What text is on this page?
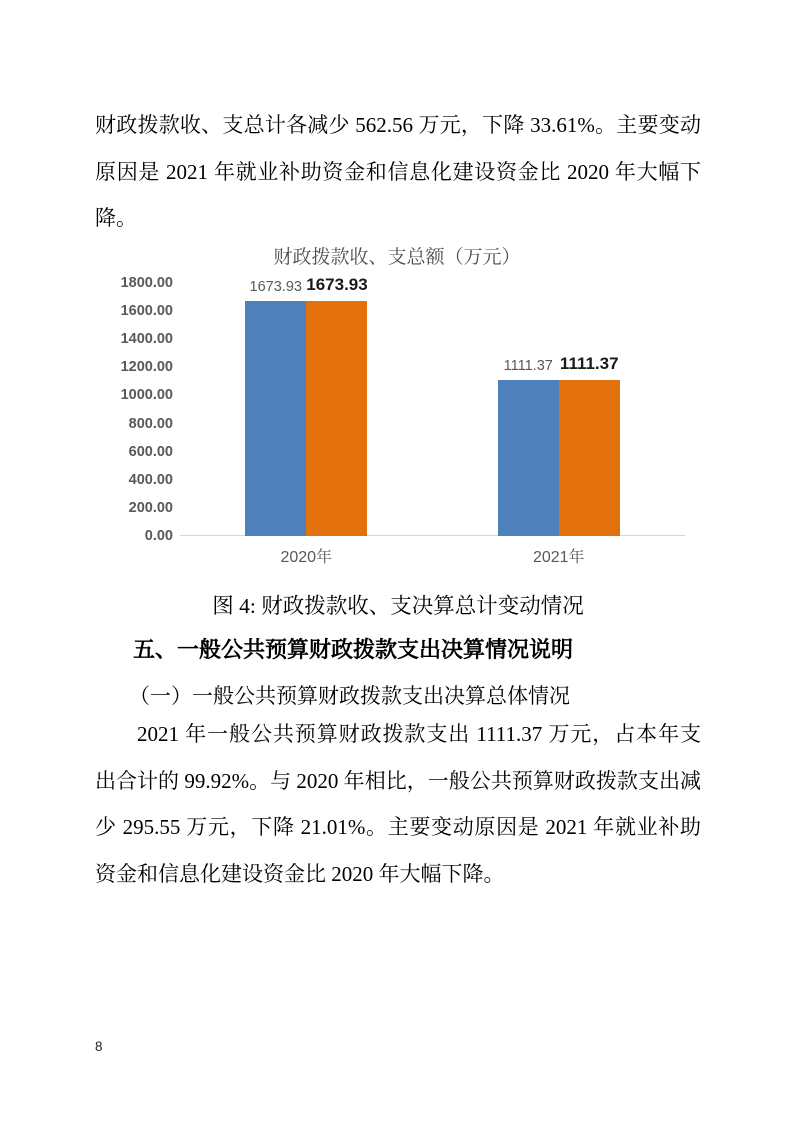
财政拨款收、支总计各减少 562.56 万元，下降 33.61%。主要变动
原因是 2021 年就业补助资金和信息化建设资金比 2020 年大幅下
降。
财政拨款收、支总额（万元）
0.00
200.00
400.00
600.00
800.00
1000.00
1200.00
1400.00
1600.00
1800.00	1673.93 1673.93
1111.37 1111.37
2020年	2021年
图 4: 财政拨款收、支决算总计变动情况
五、一般公共预算财政拨款支出决算情况说明
（一）一般公共预算财政拨款支出决算总体情况
2021 年一般公共预算财政拨款支出 1111.37 万元，占本年支
出合计的 99.92%。与 2020 年相比，一般公共预算财政拨款支出减
少 295.55 万元，下降 21.01%。主要变动原因是 2021 年就业补助
资金和信息化建设资金比 2020 年大幅下降。
8
